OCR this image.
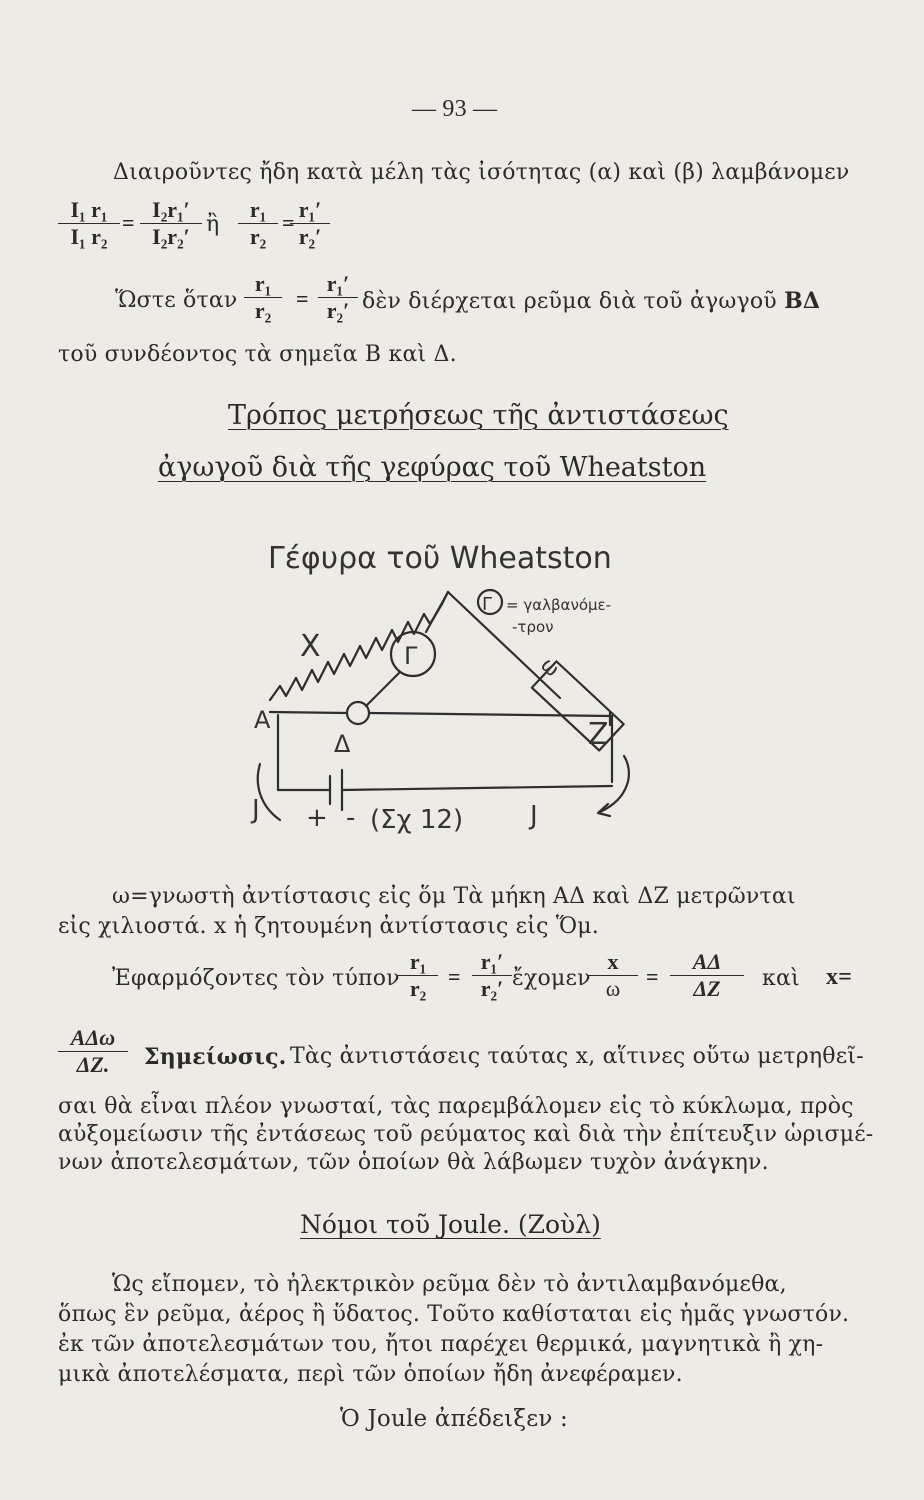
— 93 —
Διαιροῦντες ἤδη κατὰ μέλη τὰς ἰσότητας (α) καὶ (β) λαμβάνομεν
I₁ r₁
I₁ r₂
=
I₂r₁′
I₂r₂′ ἢ
r₁
r₂
=
r₁′
r₂′
Ὥστε ὅταν
r₁
r₂	=
r₁′
r₂′ δὲν διέρχεται ρεῦμα διὰ τοῦ ἀγωγοῦ ΒΔ
τοῦ συνδέοντος τὰ σημεῖα Β καὶ Δ.
Τρόπος μετρήσεως τῆς ἀντιστάσεως
ἀγωγοῦ διὰ τῆς γεφύρας τοῦ Wheatston
Γέφυρα τοῦ Wheatston
Γ = γαλβανόμε-
-τρον
X	Γ	ω
A
Δ	Z
J + - (Σχ 12)	J
ω=γνωστὴ ἀντίστασις εἰς ὅμ Τὰ μήκη ΑΔ καὶ ΔΖ μετρῶνται
εἰς χιλιοστά. x ἡ ζητουμένη ἀντίστασις εἰς Ὅμ.
Ἐφαρμόζοντες τὸν τύπον
r₁
r₂ =
r₁′
r₂′ ἔχομεν
x
ω	=
ΑΔ
ΔΖ	καὶ x=
ΑΔω
ΔΖ.	Σημείωσις. Τὰς ἀντιστάσεις ταύτας x, αἵτινες οὕτω μετρηθεῖ-
σαι θὰ εἶναι πλέον γνωσταί, τὰς παρεμβάλομεν εἰς τὸ κύκλωμα, πρὸς
αὐξομείωσιν τῆς ἐντάσεως τοῦ ρεύματος καὶ διὰ τὴν ἐπίτευξιν ὡρισμέ-
νων ἀποτελεσμάτων, τῶν ὁποίων θὰ λάβωμεν τυχὸν ἀνάγκην.
Νόμοι τοῦ Joule. (Ζοὺλ)
Ὡς εἴπομεν, τὸ ἠλεκτρικὸν ρεῦμα δὲν τὸ ἀντιλαμβανόμεθα,
ὅπως ἓν ρεῦμα, ἀέρος ἢ ὕδατος. Τοῦτο καθίσταται εἰς ἡμᾶς γνωστόν.
ἐκ τῶν ἀποτελεσμάτων του, ἤτοι παρέχει θερμικά, μαγνητικὰ ἢ χη-
μικὰ ἀποτελέσματα, περὶ τῶν ὁποίων ἤδη ἀνεφέραμεν.
Ὁ Joule ἀπέδειξεν :
